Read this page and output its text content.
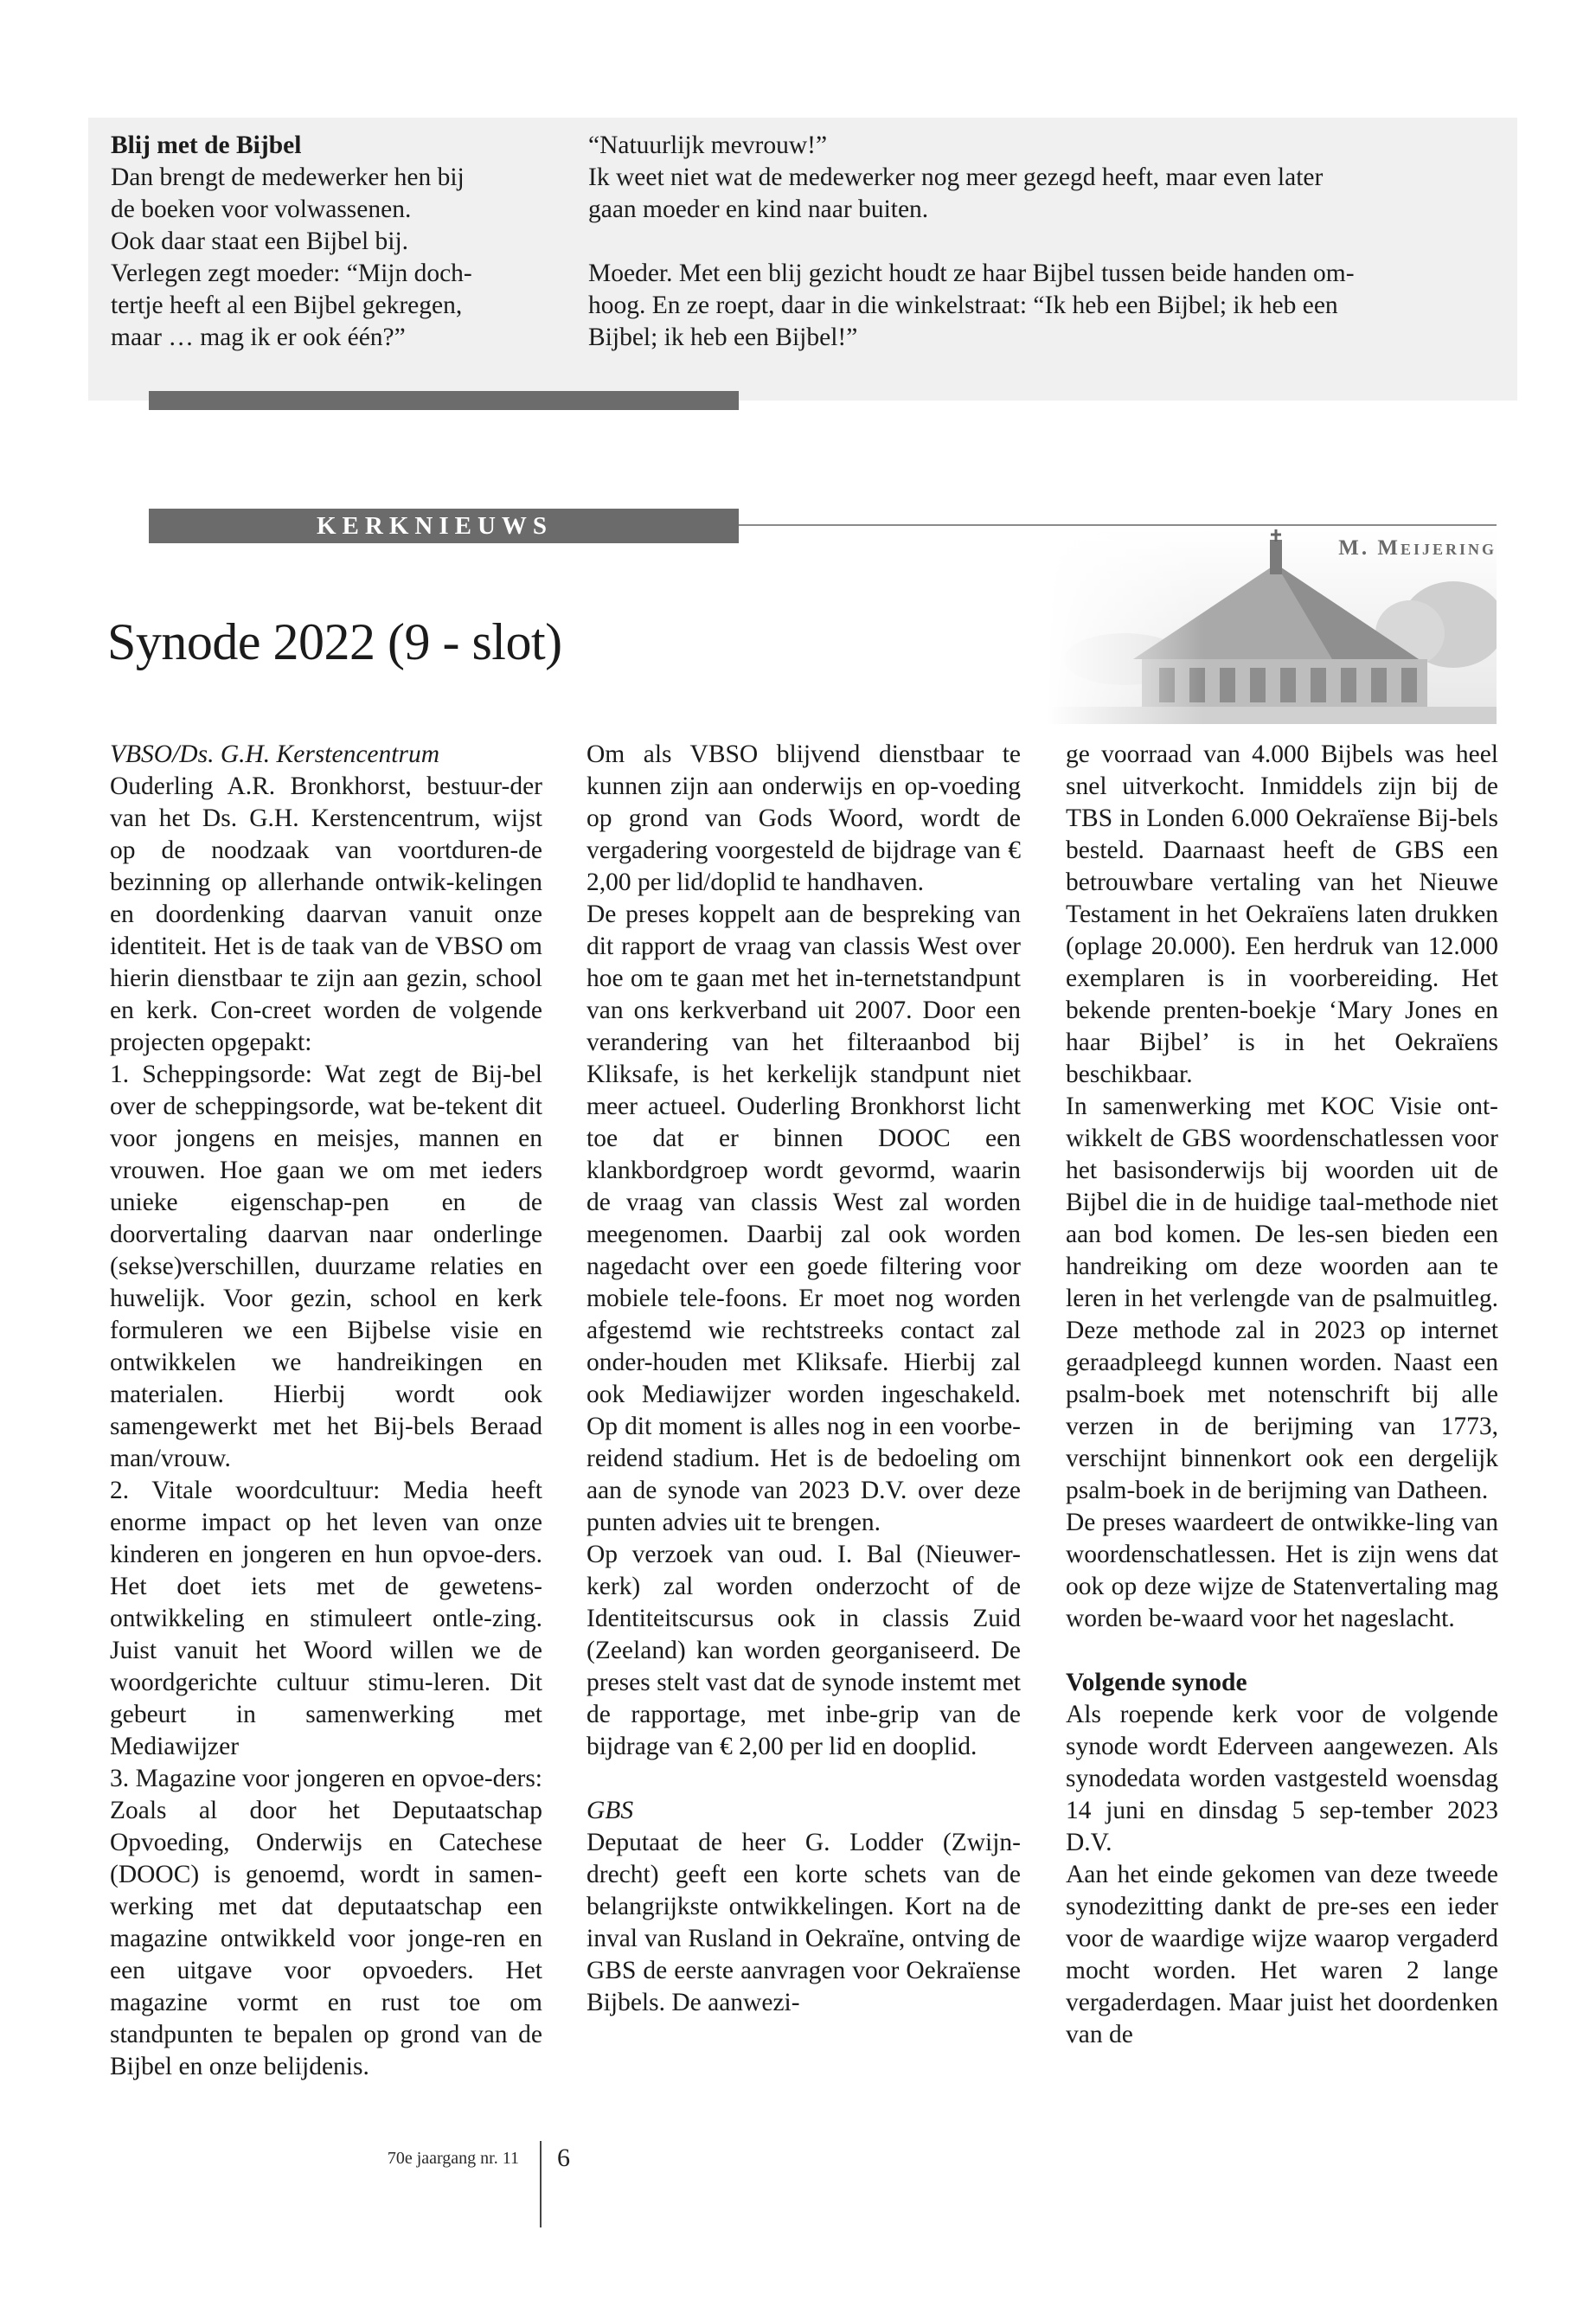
Blij met de Bijbel

Dan brengt de medewerker hen bij

de boeken voor volwassenen.

Ook daar staat een Bijbel bij.

Verlegen zegt moeder: “Mijn doch-

tertje heeft al een Bijbel gekregen,

maar … mag ik er ook één?”

“Natuurlijk mevrouw!”

Ik weet niet wat de medewerker nog meer gezegd heeft, maar even later

gaan moeder en kind naar buiten.

Moeder. Met een blij gezicht houdt ze haar Bijbel tussen beide handen om-

hoog. En ze roept, daar in die winkelstraat: “Ik heb een Bijbel; ik heb een

Bijbel; ik heb een Bijbel!”

KERKNIEUWS
M. Meijering
Synode 2022 (9 - slot)

VBSO/Ds. G.H. Kerstencentrum

Ouderling A.R. Bronkhorst, bestuur-der van het Ds. G.H. Kerstencentrum, wijst op de noodzaak van voortduren-de bezinning op allerhande ontwik-kelingen en doordenking daarvan vanuit onze identiteit. Het is de taak van de VBSO om hierin dienstbaar te zijn aan gezin, school en kerk. Con-creet worden de volgende projecten opgepakt:

1. Scheppingsorde: Wat zegt de Bij-bel over de scheppingsorde, wat be-tekent dit voor jongens en meisjes, mannen en vrouwen. Hoe gaan we om met ieders unieke eigenschap-pen en de doorvertaling daarvan naar onderlinge (sekse)verschillen, duurzame relaties en huwelijk. Voor gezin, school en kerk formuleren we een Bijbelse visie en ontwikkelen we handreikingen en materialen. Hierbij wordt ook samengewerkt met het Bij-bels Beraad man/vrouw.

2. Vitale woordcultuur: Media heeft enorme impact op het leven van onze kinderen en jongeren en hun opvoe-ders. Het doet iets met de gewetens-ontwikkeling en stimuleert ontle-zing. Juist vanuit het Woord willen we de woordgerichte cultuur stimu-leren. Dit gebeurt in samenwerking met Mediawijzer

3. Magazine voor jongeren en opvoe-ders: Zoals al door het Deputaatschap Opvoeding, Onderwijs en Catechese (DOOC) is genoemd, wordt in samen-werking met dat deputaatschap een magazine ontwikkeld voor jonge-ren en een uitgave voor opvoeders. Het magazine vormt en rust toe om standpunten te bepalen op grond van de Bijbel en onze belijdenis.

Om als VBSO blijvend dienstbaar te kunnen zijn aan onderwijs en op-voeding op grond van Gods Woord, wordt de vergadering voorgesteld de bijdrage van € 2,00 per lid/doplid te handhaven.

De preses koppelt aan de bespreking van dit rapport de vraag van classis West over hoe om te gaan met het in-ternetstandpunt van ons kerkverband uit 2007. Door een verandering van het filteraanbod bij Kliksafe, is het kerkelijk standpunt niet meer actueel. Ouderling Bronkhorst licht toe dat er binnen DOOC een klankbordgroep wordt gevormd, waarin de vraag van classis West zal worden meegenomen. Daarbij zal ook worden nagedacht over een goede filtering voor mobiele tele-foons. Er moet nog worden afgestemd wie rechtstreeks contact zal onder-houden met Kliksafe. Hierbij zal ook Mediawijzer worden ingeschakeld. Op dit moment is alles nog in een voorbe-reidend stadium. Het is de bedoeling om aan de synode van 2023 D.V. over deze punten advies uit te brengen.

Op verzoek van oud. I. Bal (Nieuwer-kerk) zal worden onderzocht of de Identiteitscursus ook in classis Zuid (Zeeland) kan worden georganiseerd. De preses stelt vast dat de synode instemt met de rapportage, met inbe-grip van de bijdrage van € 2,00 per lid en dooplid.

GBS

Deputaat de heer G. Lodder (Zwijn-drecht) geeft een korte schets van de belangrijkste ontwikkelingen. Kort na de inval van Rusland in Oekraïne, ontving de GBS de eerste aanvragen voor Oekraïense Bijbels. De aanwezi-

ge voorraad van 4.000 Bijbels was heel snel uitverkocht. Inmiddels zijn bij de TBS in Londen 6.000 Oekraïense Bij-bels besteld. Daarnaast heeft de GBS een betrouwbare vertaling van het Nieuwe Testament in het Oekraïens laten drukken (oplage 20.000). Een herdruk van 12.000 exemplaren is in voorbereiding. Het bekende prenten-boekje ‘Mary Jones en haar Bijbel’ is in het Oekraïens beschikbaar.

In samenwerking met KOC Visie ont-wikkelt de GBS woordenschatlessen voor het basisonderwijs bij woorden uit de Bijbel die in de huidige taal-methode niet aan bod komen. De les-sen bieden een handreiking om deze woorden aan te leren in het verlengde van de psalmuitleg. Deze methode zal in 2023 op internet geraadpleegd kunnen worden. Naast een psalm-boek met notenschrift bij alle verzen in de berijming van 1773, verschijnt binnenkort ook een dergelijk psalm-boek in de berijming van Datheen.

De preses waardeert de ontwikke-ling van woordenschatlessen. Het is zijn wens dat ook op deze wijze de Statenvertaling mag worden be-waard voor het nageslacht.

Volgende synode

Als roepende kerk voor de volgende synode wordt Ederveen aangewezen. Als synodedata worden vastgesteld woensdag 14 juni en dinsdag 5 sep-tember 2023 D.V.

Aan het einde gekomen van deze tweede synodezitting dankt de pre-ses een ieder voor de waardige wijze waarop vergaderd mocht worden. Het waren 2 lange vergaderdagen. Maar juist het doordenken van de

70e jaargang nr. 11 6
